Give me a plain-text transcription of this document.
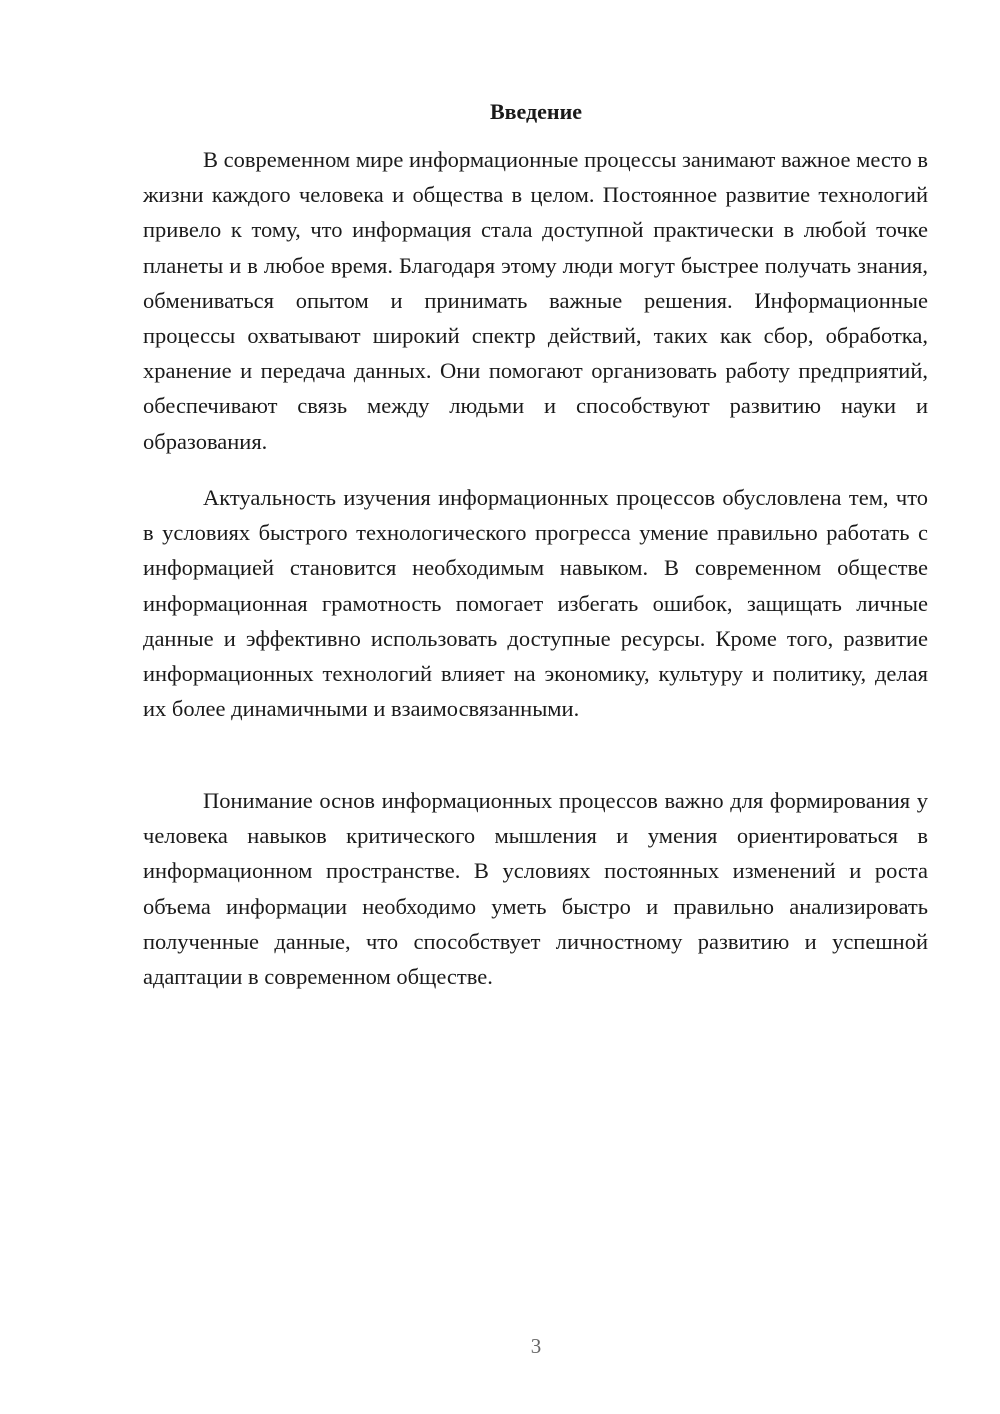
Введение

В современном мире информационные процессы занимают важное место в жизни каждого человека и общества в целом. Постоянное развитие технологий привело к тому, что информация стала доступной практически в любой точке планеты и в любое время. Благодаря этому люди могут быстрее получать знания, обмениваться опытом и принимать важные решения. Информационные процессы охватывают широкий спектр действий, таких как сбор, обработка, хранение и передача данных. Они помогают организовать работу предприятий, обеспечивают связь между людьми и способствуют развитию науки и образования.

Актуальность изучения информационных процессов обусловлена тем, что в условиях быстрого технологического прогресса умение правильно работать с информацией становится необходимым навыком. В современном обществе информационная грамотность помогает избегать ошибок, защищать личные данные и эффективно использовать доступные ресурсы. Кроме того, развитие информационных технологий влияет на экономику, культуру и политику, делая их более динамичными и взаимосвязанными.

Понимание основ информационных процессов важно для формирования у человека навыков критического мышления и умения ориентироваться в информационном пространстве. В условиях постоянных изменений и роста объема информации необходимо уметь быстро и правильно анализировать полученные данные, что способствует личностному развитию и успешной адаптации в современном обществе.

3
